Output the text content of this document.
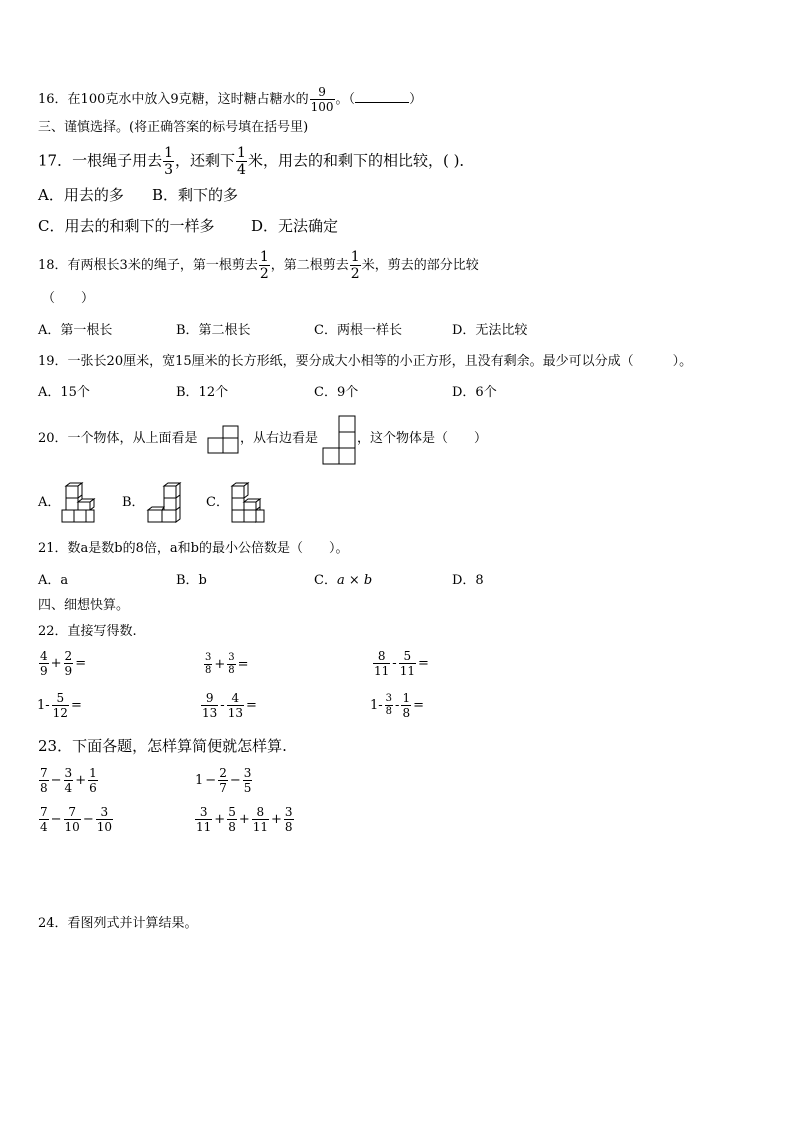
16．在100克水中放入9克糖，这时糖占糖水的 $\frac{9}{100}$ 。（	）
三、谨慎选择。(将正确答案的标号填在括号里)
17．一根绳子用去 $\frac{1}{3}$ ，还剩下 $\frac{1}{4}$ 米，用去的和剩下的相比较，( )．
A．用去的多 B．剩下的多
C．用去的和剩下的一样多 D．无法确定
18．有两根长3米的绳子，第一根剪去 $\frac{1}{2}$ ，第二根剪去 $\frac{1}{2}$ 米，剪去的部分比较
（　　）
A．第一根长	B．第二根长	C．两根一样长	D．无法比较
19．一张长20厘米，宽15厘米的长方形纸，要分成大小相等的小正方形，且没有剩余。最少可以分成（　　　）。
A．15个	B．12个	C．9个	D．6个
20．一个物体，从上面看是	，从右边看是	，这个物体是（　　）
A．	B．	C．
21．数a是数b的8倍，a和b的最小公倍数是（　　）。
A．a	B．b	C．a × b	D．8
四、细想快算。
22．直接写得数.
$\frac{4}{9} + \frac{2}{9}$ =	$\frac{3}{8} + \frac{3}{8}$ =	$\frac{8}{11} - \frac{5}{11}$ =
$1- \frac{5}{12}$ =	$\frac{9}{13} - \frac{4}{13}$ =	$1- \frac{3}{8} - \frac{1}{8}$ =
23．下面各题，怎样算简便就怎样算.
$\frac{7}{8} - \frac{3}{4} + \frac{1}{6}$	$1 - \frac{2}{7} - \frac{3}{5}$
$\frac{7}{4} - \frac{7}{10} - \frac{3}{10}$	$\frac{3}{11} + \frac{5}{8} + \frac{8}{11} + \frac{3}{8}$
24．看图列式并计算结果。
